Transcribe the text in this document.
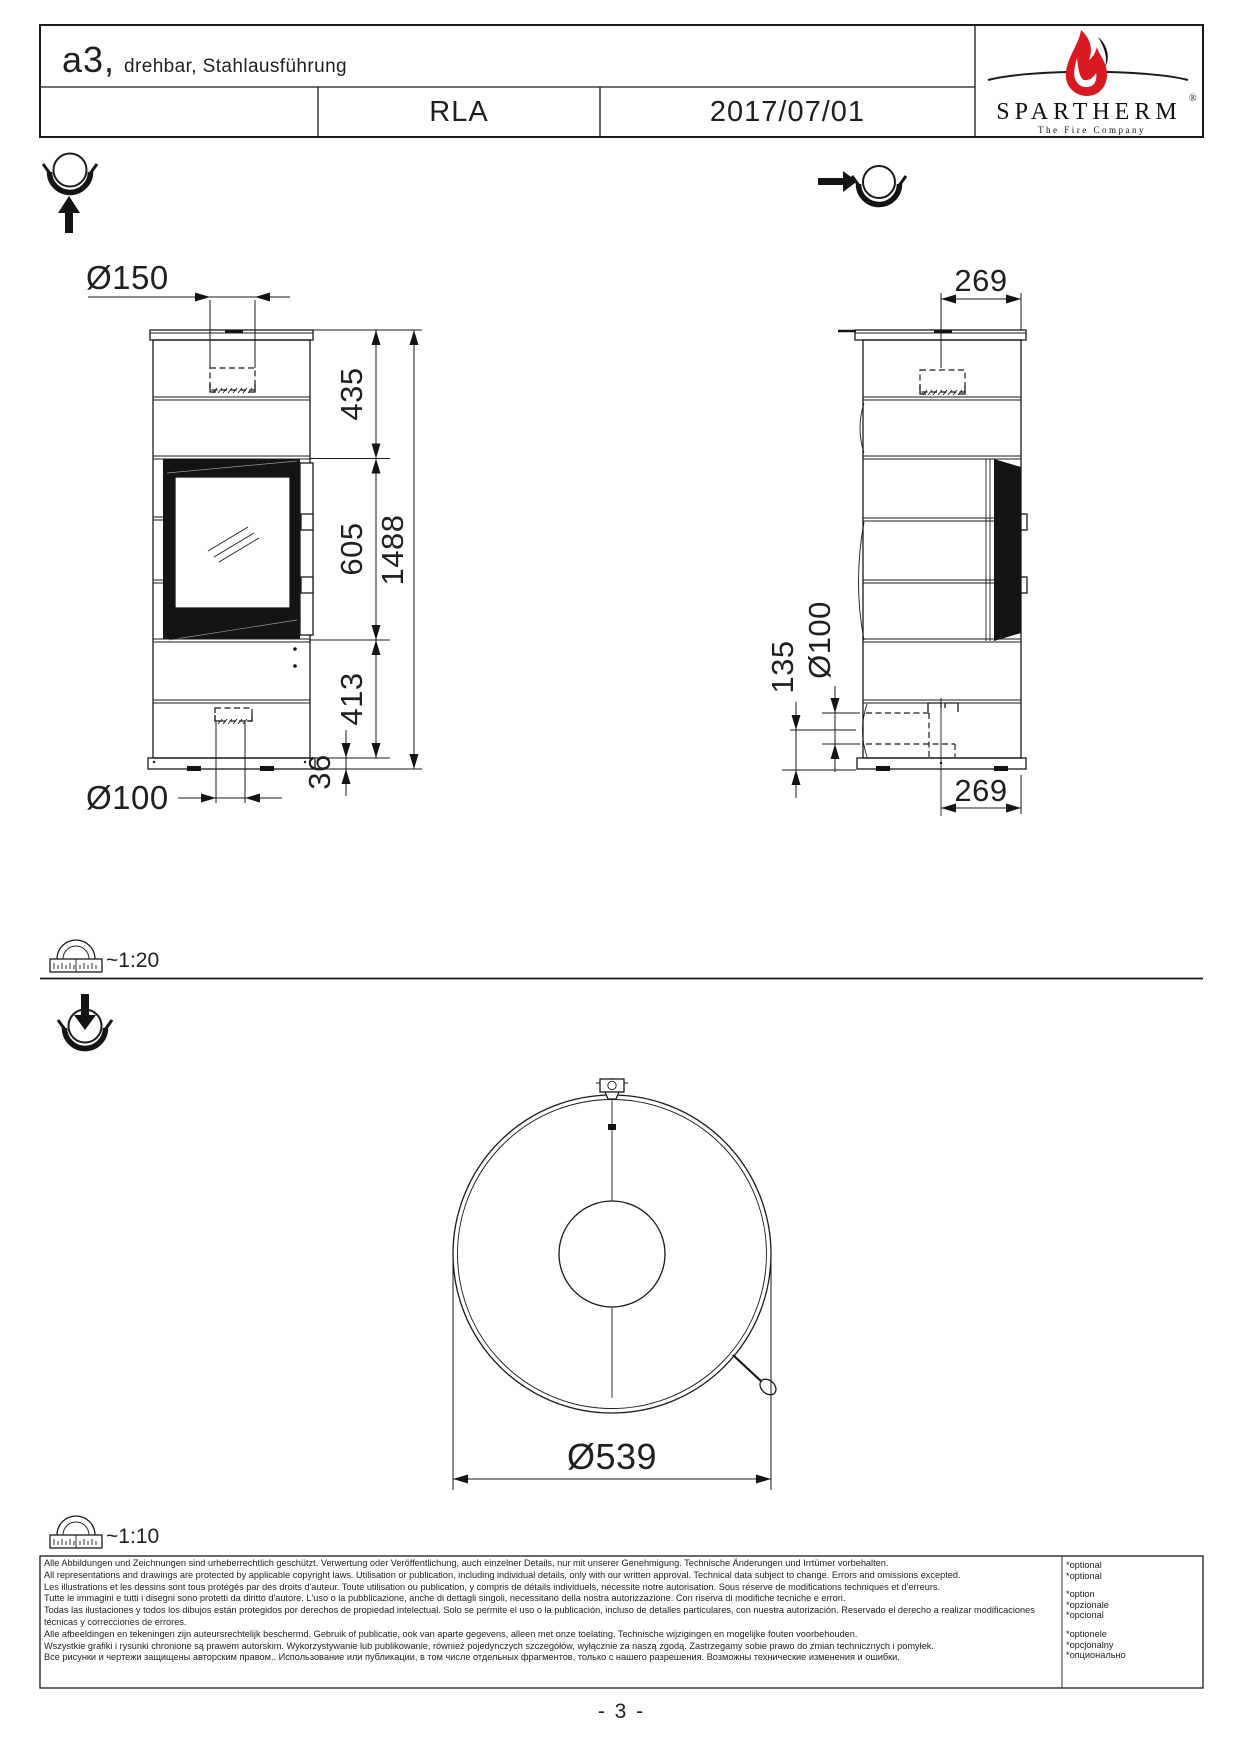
SPARTHERM
®
The Fire Company
Ø150
435
605
413
1488
36
Ø100
269
269
135 Ø100
~1:20
Ø539
~1:10
a3, drehbar, Stahlausführung
RLA	2017/07/01

Alle Abbildungen und Zeichnungen sind urheberrechtlich geschützt. Verwertung oder Veröffentlichung, auch einzelner Details, nur mit unserer Genehmigung. Technische Änderungen und Irrtümer vorbehalten.

All representations and drawings are protected by applicable copyright laws. Utilisation or publication, including individual details, only with our written approval. Technical data subject to change. Errors and omissions excepted.

Les illustrations et les dessins sont tous protégés par des droits d'auteur. Toute utilisation ou publication, y compris de détails individuels, nécessite notre autorisation. Sous réserve de modifications techniques et d'erreurs.

Tutte le immagini e tutti i disegni sono protetti da diritto d'autore. L'uso o la pubblicazione, anche di dettagli singoli, necessitano della nostra autorizzazione. Con riserva di modifiche tecniche e errori.

Todas las ilustaciones y todos los dibujos están protegidos por derechos de propiedad intelectual. Solo se permite el uso o la publicación, incluso de detalles particulares, con nuestra autorización. Reservado el derecho a realizar modificaciones técnicas y correcciones de errores.

Alle afbeeldingen en tekeningen zijn auteursrechtelijk beschermd. Gebruik of publicatie, ook van aparte gegevens, alleen met onze toelating. Technische wijzigingen en mogelijke fouten voorbehouden.

Wszystkie grafiki i rysunki chronione są prawem autorskim. Wykorzystywanie lub publikowanie, również pojedynczych szczegółów, wyłącznie za naszą zgodą. Zastrzegamy sobie prawo do zmian technicznych i pomyłek.

Все рисунки и чертежи защищены авторским правом.. Использование или публикации, в том числе отдельных фрагментов, только с нашего разрешения. Возможны технические изменения и ошибки.

*optional
*optional
*option
*opzionale
*opcional
*optionele
*opcjonalny
*опционально
- 3 -
